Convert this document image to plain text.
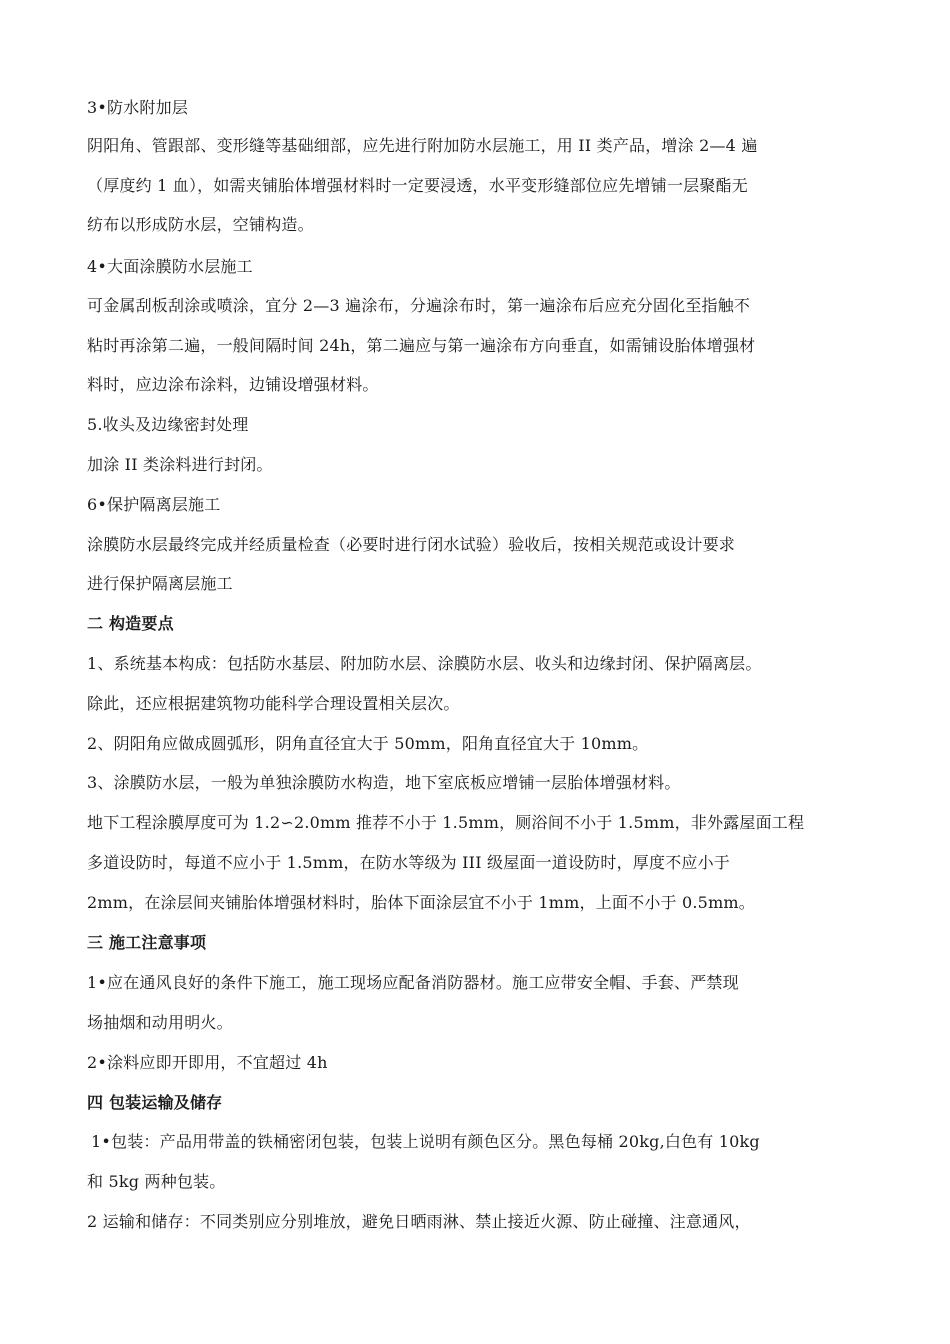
3•防水附加层
阴阳角、管跟部、变形缝等基础细部，应先进行附加防水层施工，用 II 类产品，增涂 2—4 遍
（厚度约 1 血），如需夹铺胎体增强材料时一定要浸透，水平变形缝部位应先增铺一层聚酯无
纺布以形成防水层，空铺构造。
4•大面涂膜防水层施工
可金属刮板刮涂或喷涂，宜分 2—3 遍涂布，分遍涂布时，第一遍涂布后应充分固化至指触不
粘时再涂第二遍，一般间隔时间 24h，第二遍应与第一遍涂布方向垂直，如需铺设胎体增强材
料时，应边涂布涂料，边铺设增强材料。
5.收头及边缘密封处理
加涂 II 类涂料进行封闭。
6•保护隔离层施工
涂膜防水层最终完成并经质量检查（必要时进行闭水试验）验收后，按相关规范或设计要求
进行保护隔离层施工
二 构造要点
1、系统基本构成：包括防水基层、附加防水层、涂膜防水层、收头和边缘封闭、保护隔离层。
除此，还应根据建筑物功能科学合理设置相关层次。
2、阴阳角应做成圆弧形，阴角直径宜大于 50mm，阳角直径宜大于 10mm。
3、涂膜防水层，一般为单独涂膜防水构造，地下室底板应增铺一层胎体增强材料。
地下工程涂膜厚度可为 1.2∽2.0mm 推荐不小于 1.5mm，厕浴间不小于 1.5mm，非外露屋面工程
多道设防时，每道不应小于 1.5mm，在防水等级为 III 级屋面一道设防时，厚度不应小于
2mm，在涂层间夹铺胎体增强材料时，胎体下面涂层宜不小于 1mm，上面不小于 0.5mm。
三 施工注意事项
1•应在通风良好的条件下施工，施工现场应配备消防器材。施工应带安全帽、手套、严禁现
场抽烟和动用明火。
2•涂料应即开即用，不宜超过 4h
四 包装运输及储存
1•包装：产品用带盖的铁桶密闭包装，包装上说明有颜色区分。黑色每桶 20kg,白色有 10kg
和 5kg 两种包装。
2 运输和储存：不同类别应分别堆放，避免日晒雨淋、禁止接近火源、防止碰撞、注意通风，
